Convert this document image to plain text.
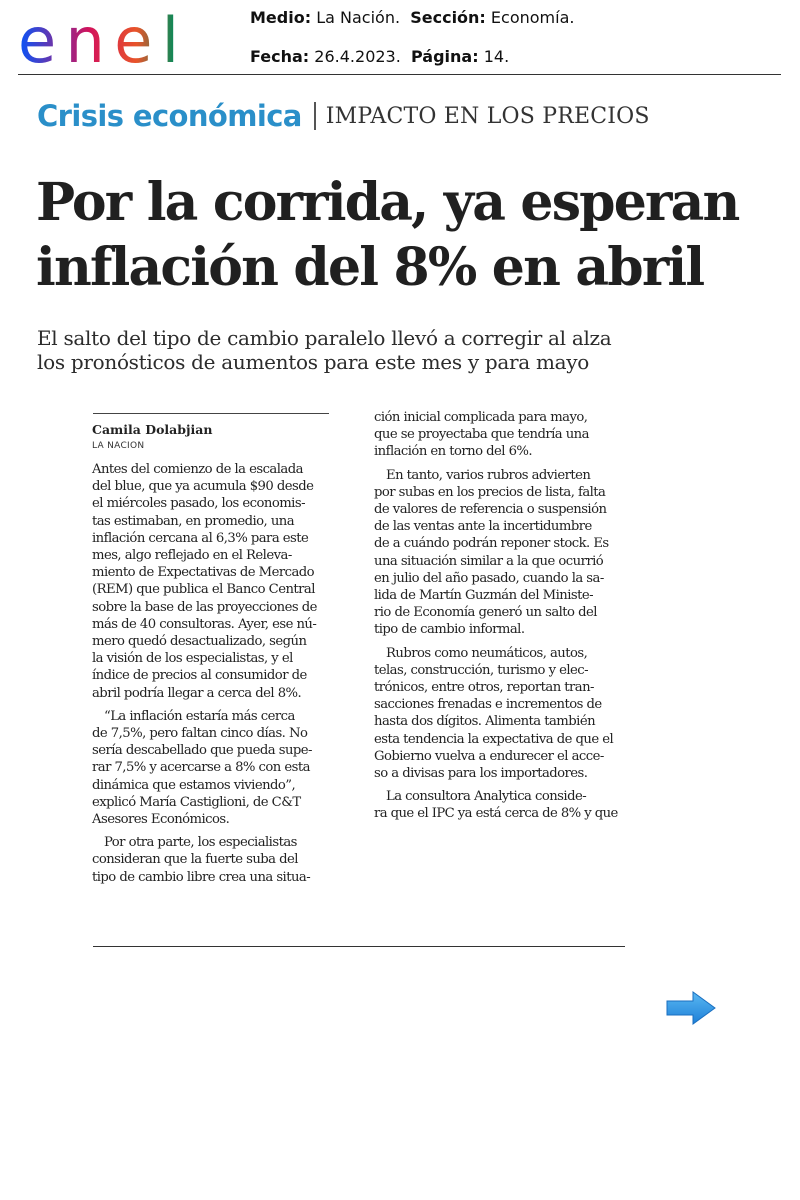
enel	Medio: La Nación. Sección: Economía.
Fecha: 26.4.2023. Página: 14.
Crisis económica IMPACTO EN LOS PRECIOS
Por la corrida, ya esperan
inflación del 8% en abril
El salto del tipo de cambio paralelo llevó a corregir al alza
los pronósticos de aumentos para este mes y para mayo
Camila Dolabjian
LA NACION
Antes del comienzo de la escalada
del blue, que ya acumula $90 desde
el miércoles pasado, los economis-
tas estimaban, en promedio, una
inflación cercana al 6,3% para este
mes, algo reflejado en el Releva-
miento de Expectativas de Mercado
(REM) que publica el Banco Central
sobre la base de las proyecciones de
más de 40 consultoras. Ayer, ese nú-
mero quedó desactualizado, según
la visión de los especialistas, y el
índice de precios al consumidor de
abril podría llegar a cerca del 8%.
“La inflación estaría más cerca
de 7,5%, pero faltan cinco días. No
sería descabellado que pueda supe-
rar 7,5% y acercarse a 8% con esta
dinámica que estamos viviendo”,
explicó María Castiglioni, de C&T
Asesores Económicos.
Por otra parte, los especialistas
consideran que la fuerte suba del
tipo de cambio libre crea una situa-
ción inicial complicada para mayo,
que se proyectaba que tendría una
inflación en torno del 6%.
En tanto, varios rubros advierten
por subas en los precios de lista, falta
de valores de referencia o suspensión
de las ventas ante la incertidumbre
de a cuándo podrán reponer stock. Es
una situación similar a la que ocurrió
en julio del año pasado, cuando la sa-
lida de Martín Guzmán del Ministe-
rio de Economía generó un salto del
tipo de cambio informal.
Rubros como neumáticos, autos,
telas, construcción, turismo y elec-
trónicos, entre otros, reportan tran-
sacciones frenadas e incrementos de
hasta dos dígitos. Alimenta también
esta tendencia la expectativa de que el
Gobierno vuelva a endurecer el acce-
so a divisas para los importadores.
La consultora Analytica conside-
ra que el IPC ya está cerca de 8% y que
